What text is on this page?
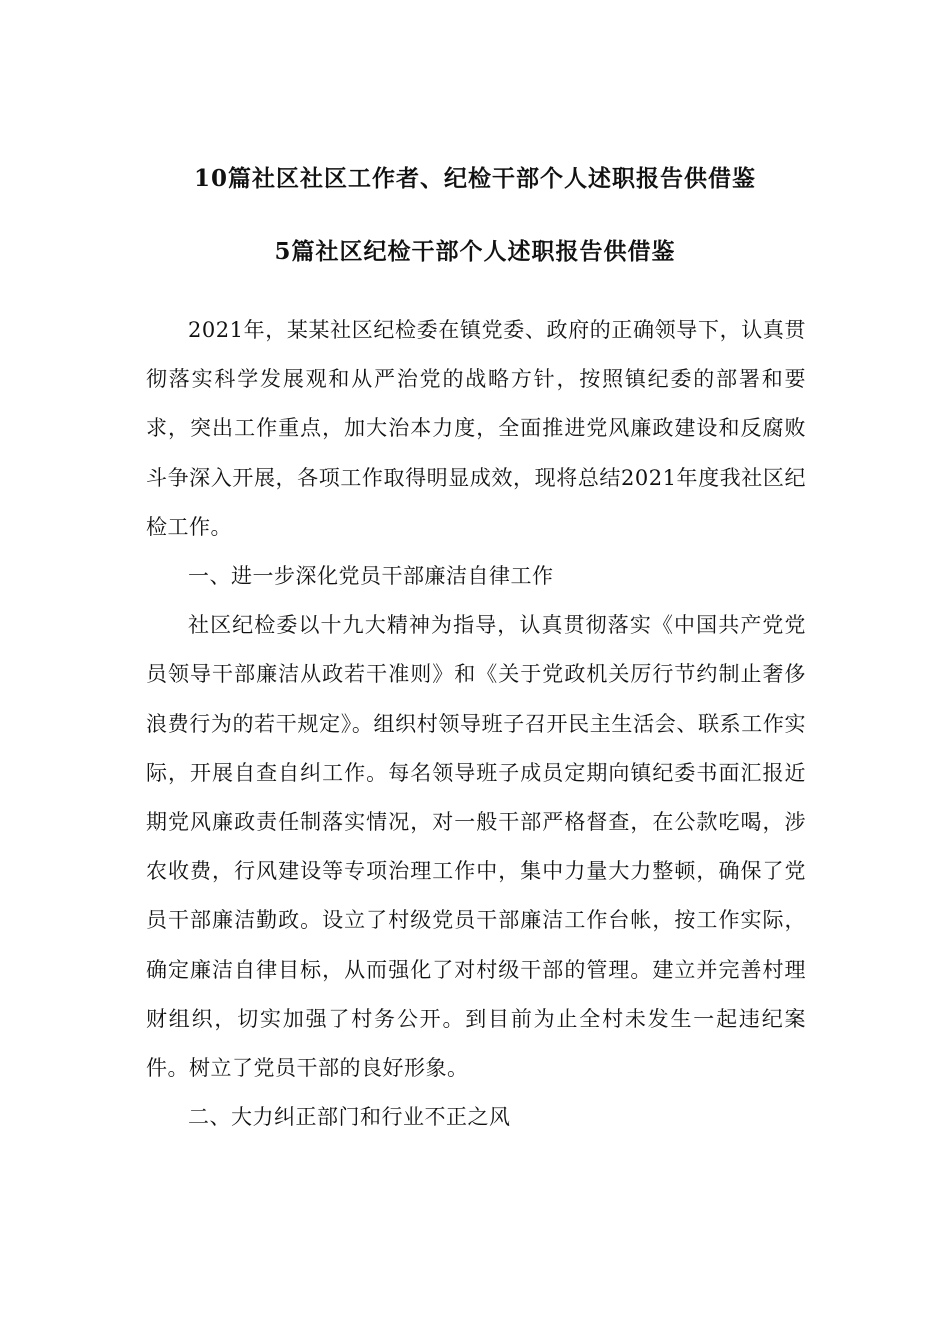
10篇社区社区工作者、纪检干部个人述职报告供借鉴
5篇社区纪检干部个人述职报告供借鉴

2021年，某某社区纪检委在镇党委、政府的正确领导下，认真贯彻落实科学发展观和从严治党的战略方针，按照镇纪委的部署和要求，突出工作重点，加大治本力度，全面推进党风廉政建设和反腐败斗争深入开展，各项工作取得明显成效，现将总结2021年度我社区纪检工作。

一、进一步深化党员干部廉洁自律工作

社区纪检委以十九大精神为指导，认真贯彻落实《中国共产党党员领导干部廉洁从政若干准则》和《关于党政机关厉行节约制止奢侈浪费行为的若干规定》。组织村领导班子召开民主生活会、联系工作实际，开展自查自纠工作。每名领导班子成员定期向镇纪委书面汇报近期党风廉政责任制落实情况，对一般干部严格督查，在公款吃喝，涉农收费，行风建设等专项治理工作中，集中力量大力整顿，确保了党员干部廉洁勤政。设立了村级党员干部廉洁工作台帐，按工作实际，确定廉洁自律目标，从而强化了对村级干部的管理。建立并完善村理财组织，切实加强了村务公开。到目前为止全村未发生一起违纪案件。树立了党员干部的良好形象。

二、大力纠正部门和行业不正之风
